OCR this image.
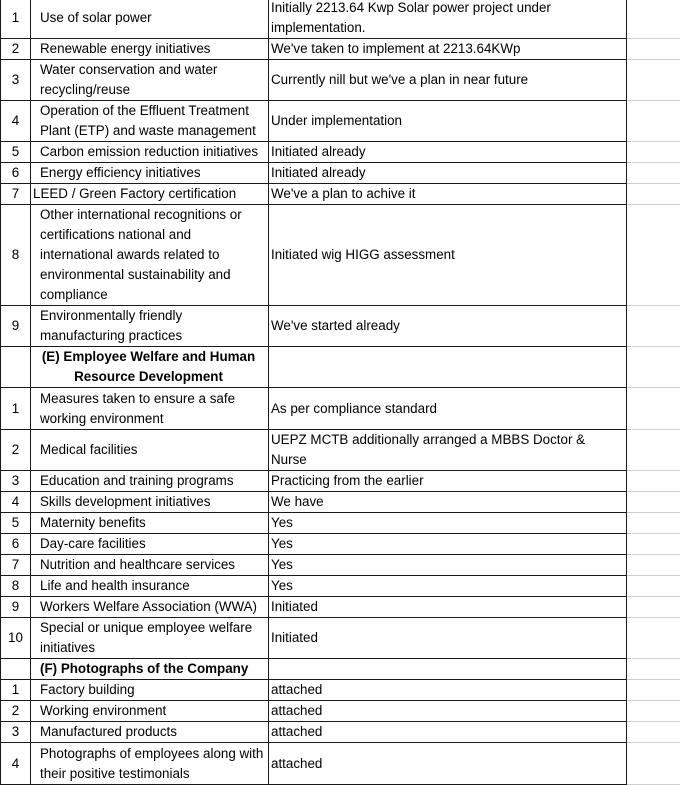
1	Use of solar power	Initially 2213.64 Kwp Solar power project under implementation.	
2	Renewable energy initiatives	We've taken to implement at 2213.64KWp	
3	Water conservation and water recycling/reuse	Currently nill but we've a plan in near future	
4	Operation of the Effluent Treatment Plant (ETP) and waste management	Under implementation	
5	Carbon emission reduction initiatives	Initiated already	
6	Energy efficiency initiatives	Initiated already	
7	LEED / Green Factory certification	We've a plan to achive it	
8	Other international recognitions or certifications national and international awards related to environmental sustainability and compliance	Initiated wig HIGG assessment	
9	Environmentally friendly manufacturing practices	We've started already	
	(E) Employee Welfare and Human Resource Development		
1	Measures taken to ensure a safe working environment	As per compliance standard	
2	Medical facilities	UEPZ MCTB additionally arranged a MBBS Doctor & Nurse	
3	Education and training programs	Practicing from the earlier	
4	Skills development initiatives	We have	
5	Maternity benefits	Yes	
6	Day-care facilities	Yes	
7	Nutrition and healthcare services	Yes	
8	Life and health insurance	Yes	
9	Workers Welfare Association (WWA)	Initiated	
10	Special or unique employee welfare initiatives	Initiated	
	(F) Photographs of the Company		
1	Factory building	attached	
2	Working environment	attached	
3	Manufactured products	attached	
4	Photographs of employees along with their positive testimonials	attached	
